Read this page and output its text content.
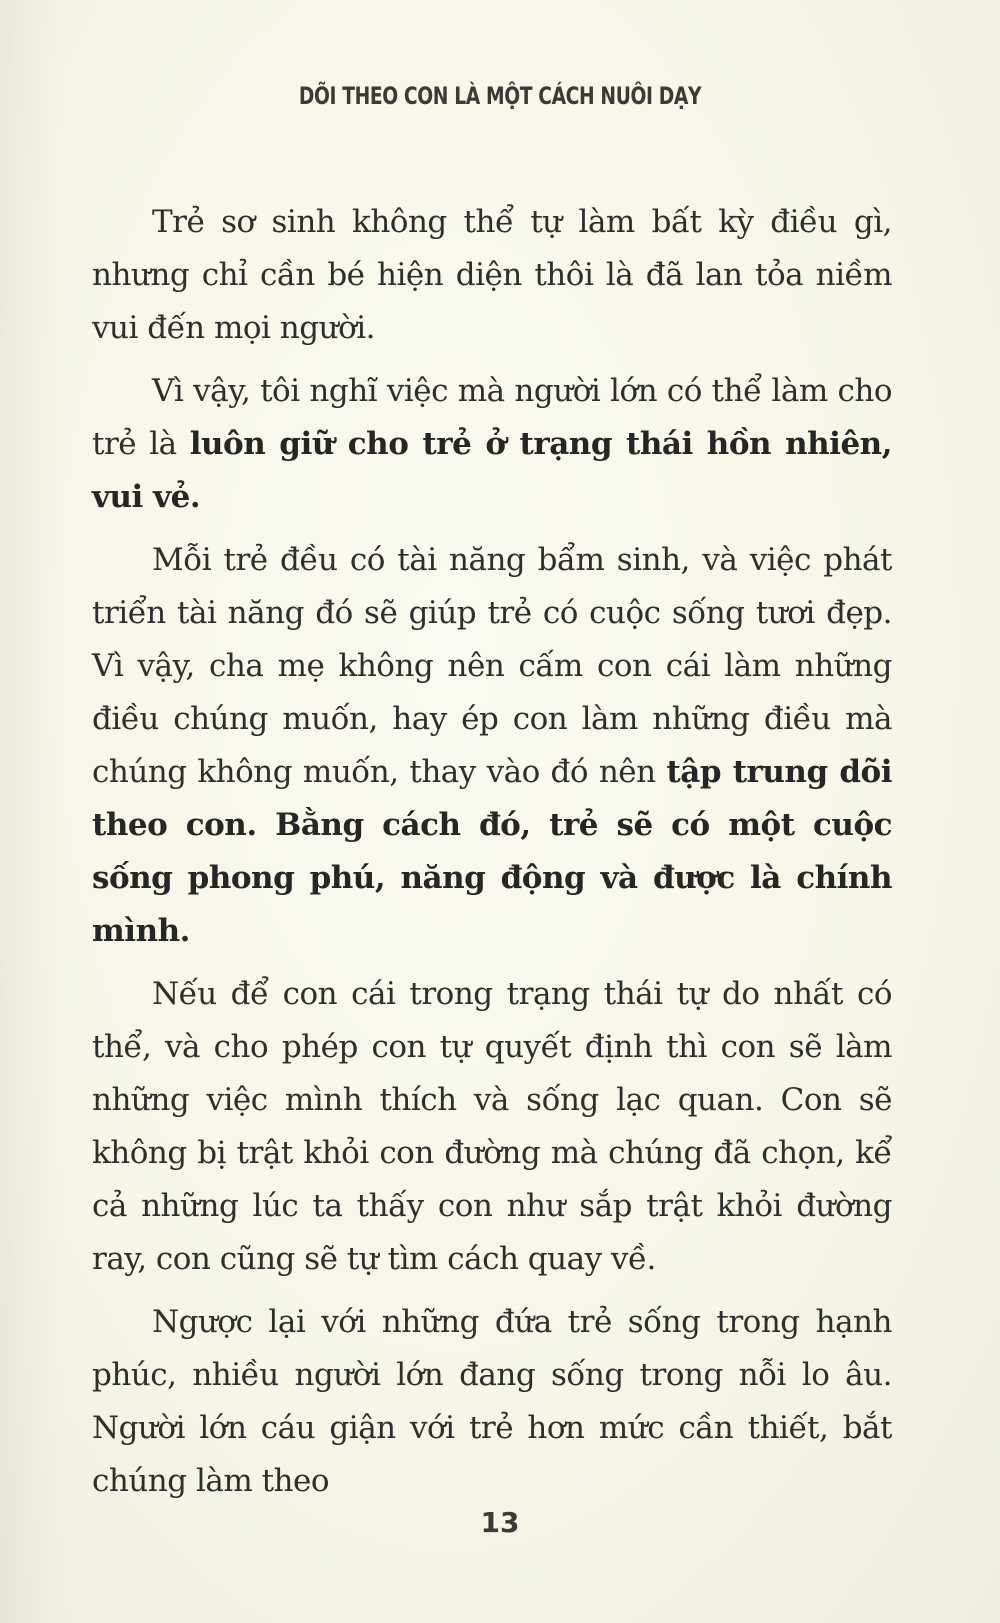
DÕI THEO CON LÀ MỘT CÁCH NUÔI DẠY

Trẻ sơ sinh không thể tự làm bất kỳ điều gì, nhưng chỉ cần bé hiện diện thôi là đã lan tỏa niềm vui đến mọi người.

Vì vậy, tôi nghĩ việc mà người lớn có thể làm cho trẻ là luôn giữ cho trẻ ở trạng thái hồn nhiên, vui vẻ.

Mỗi trẻ đều có tài năng bẩm sinh, và việc phát triển tài năng đó sẽ giúp trẻ có cuộc sống tươi đẹp. Vì vậy, cha mẹ không nên cấm con cái làm những điều chúng muốn, hay ép con làm những điều mà chúng không muốn, thay vào đó nên tập trung dõi theo con. Bằng cách đó, trẻ sẽ có một cuộc sống phong phú, năng động và được là chính mình.

Nếu để con cái trong trạng thái tự do nhất có thể, và cho phép con tự quyết định thì con sẽ làm những việc mình thích và sống lạc quan. Con sẽ không bị trật khỏi con đường mà chúng đã chọn, kể cả những lúc ta thấy con như sắp trật khỏi đường ray, con cũng sẽ tự tìm cách quay về.

Ngược lại với những đứa trẻ sống trong hạnh phúc, nhiều người lớn đang sống trong nỗi lo âu. Người lớn cáu giận với trẻ hơn mức cần thiết, bắt chúng làm theo

13
